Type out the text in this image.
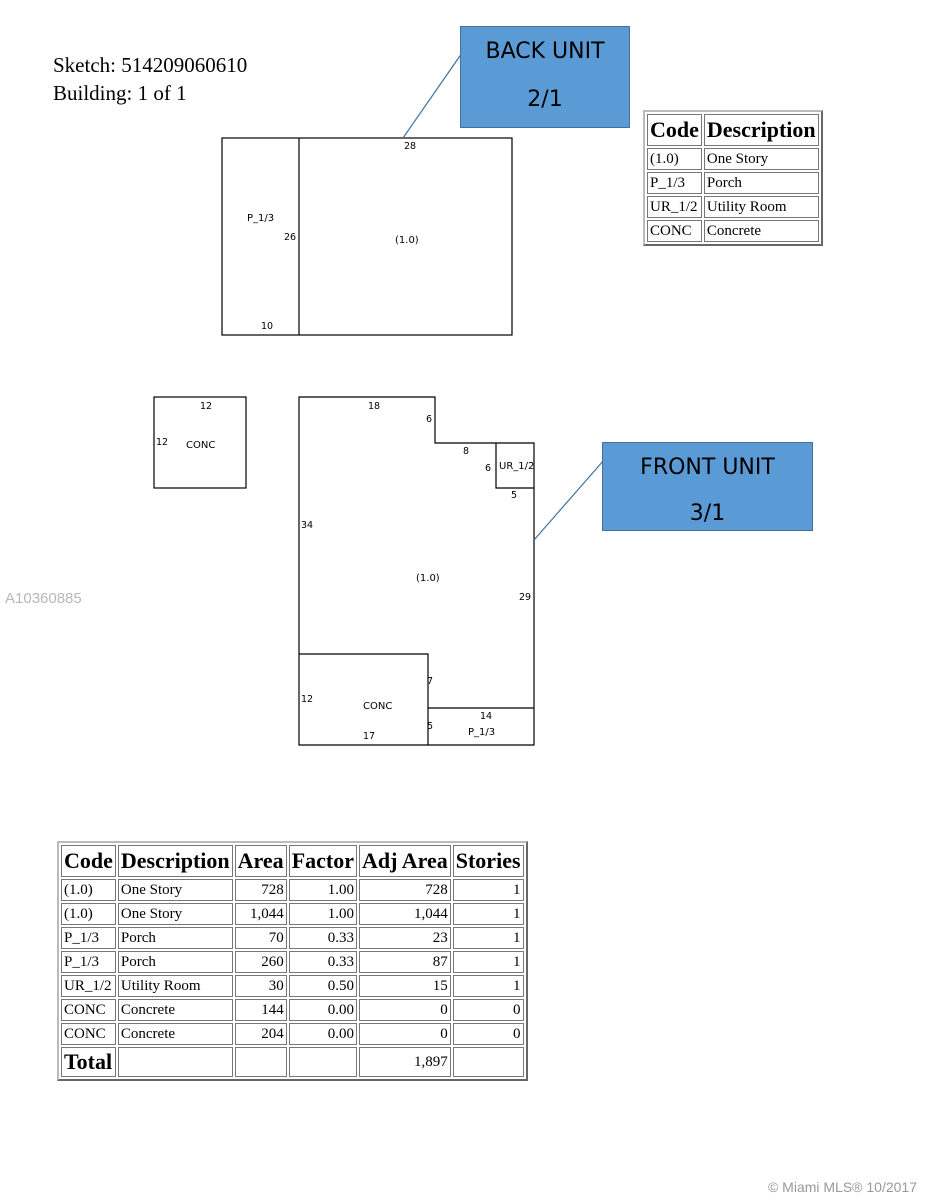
Sketch: 514209060610
Building: 1 of 1
28
26
10
P_1/3
(1.0)
12
12 CONC
18
6
8
6
5
UR_1/2
34
29
(1.0)
12
7
5
CONC
17
14
P_1/3
BACK UNIT
2/1
FRONT UNIT
3/1
Code	Description
(1.0)	One Story
P_1/3	Porch
UR_1/2	Utility Room
CONC	Concrete
Code	Description	Area	Factor	Adj Area	Stories
(1.0)	One Story	728	1.00	728	1
(1.0)	One Story	1,044	1.00	1,044	1
P_1/3	Porch	70	0.33	23	1
P_1/3	Porch	260	0.33	87	1
UR_1/2	Utility Room	30	0.50	15	1
CONC	Concrete	144	0.00	0	0
CONC	Concrete	204	0.00	0	0
Total				1,897	
A10360885
© Miami MLS® 10/2017
